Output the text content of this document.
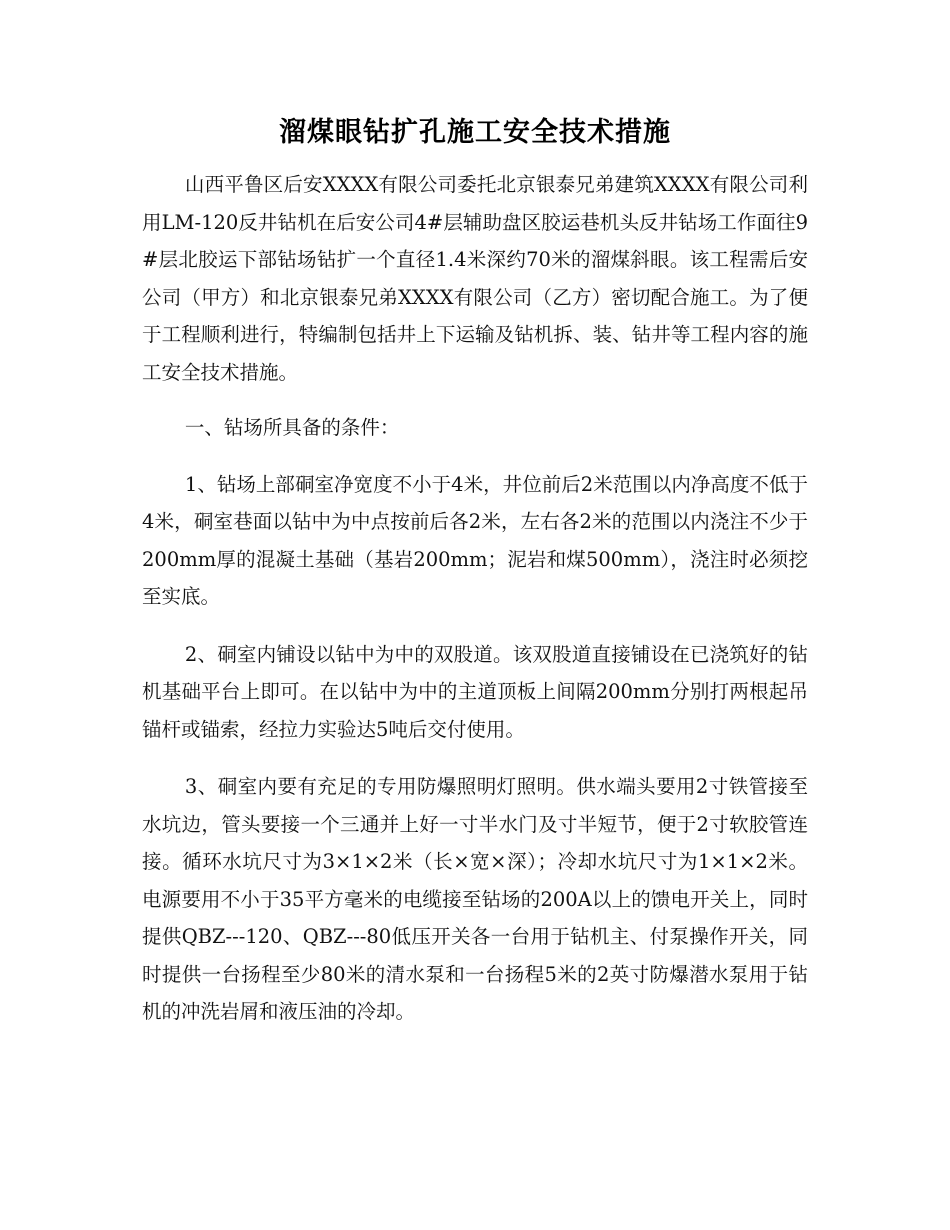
溜煤眼钻扩孔施工安全技术措施

山西平鲁区后安XXXX有限公司委托北京银泰兄弟建筑XXXX有限公司利用LM-120反井钻机在后安公司4#层辅助盘区胶运巷机头反井钻场工作面往9#层北胶运下部钻场钻扩一个直径1.4米深约70米的溜煤斜眼。该工程需后安公司（甲方）和北京银泰兄弟XXXX有限公司（乙方）密切配合施工。为了便于工程顺利进行，特编制包括井上下运输及钻机拆、装、钻井等工程内容的施工安全技术措施。

一、钻场所具备的条件：

1、钻场上部硐室净宽度不小于4米，井位前后2米范围以内净高度不低于4米，硐室巷面以钻中为中点按前后各2米，左右各2米的范围以内浇注不少于200mm厚的混凝土基础（基岩200mm；泥岩和煤500mm），浇注时必须挖至实底。

2、硐室内铺设以钻中为中的双股道。该双股道直接铺设在已浇筑好的钻机基础平台上即可。在以钻中为中的主道顶板上间隔200mm分别打两根起吊锚杆或锚索，经拉力实验达5吨后交付使用。

3、硐室内要有充足的专用防爆照明灯照明。供水端头要用2寸铁管接至水坑边，管头要接一个三通并上好一寸半水门及寸半短节，便于2寸软胶管连接。循环水坑尺寸为3×1×2米（长×宽×深）；冷却水坑尺寸为1×1×2米。电源要用不小于35平方毫米的电缆接至钻场的200A以上的馈电开关上，同时提供QBZ---120、QBZ---80低压开关各一台用于钻机主、付泵操作开关，同时提供一台扬程至少80米的清水泵和一台扬程5米的2英寸防爆潜水泵用于钻机的冲洗岩屑和液压油的冷却。
